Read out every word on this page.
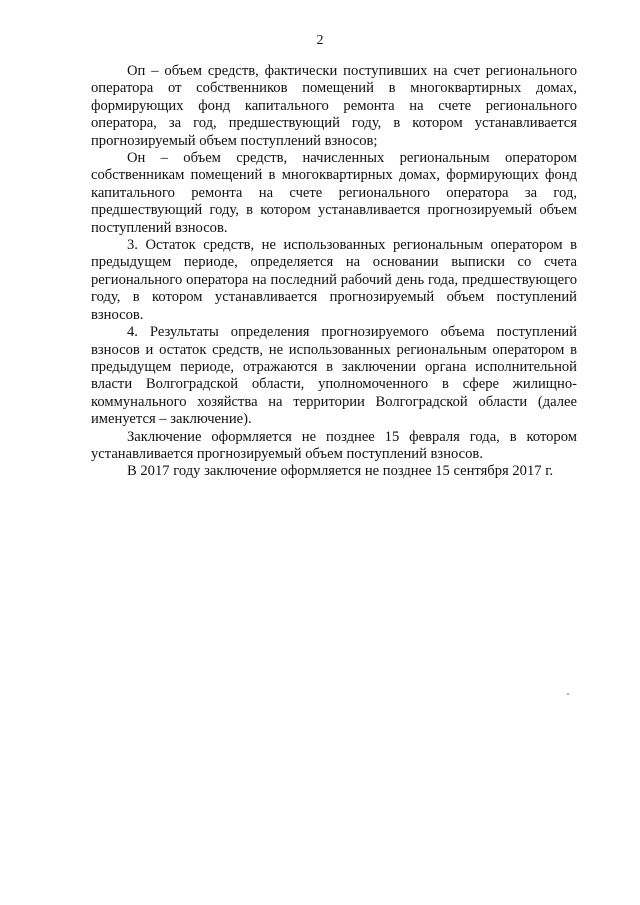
2

Оп – объем средств, фактически поступивших на счет регионального оператора от собственников помещений в многоквартирных домах, формирующих фонд капитального ремонта на счете регионального оператора, за год, предшествующий году, в котором устанавливается прогнозируемый объем поступлений взносов;

Он – объем средств, начисленных региональным оператором собственникам помещений в многоквартирных домах, формирующих фонд капитального ремонта на счете регионального оператора за год, предшествующий году, в котором устанавливается прогнозируемый объем поступлений взносов.

3. Остаток средств, не использованных региональным оператором в предыдущем периоде, определяется на основании выписки со счета регионального оператора на последний рабочий день года, предшествующего году, в котором устанавливается прогнозируемый объем поступлений взносов.

4. Результаты определения прогнозируемого объема поступлений взносов и остаток средств, не использованных региональным оператором в предыдущем периоде, отражаются в заключении органа исполнительной власти Волгоградской области, уполномоченного в сфере жилищно-коммунального хозяйства на территории Волгоградской области (далее именуется – заключение).

Заключение оформляется не позднее 15 февраля года, в котором устанавливается прогнозируемый объем поступлений взносов.

В 2017 году заключение оформляется не позднее 15 сентября 2017 г.
